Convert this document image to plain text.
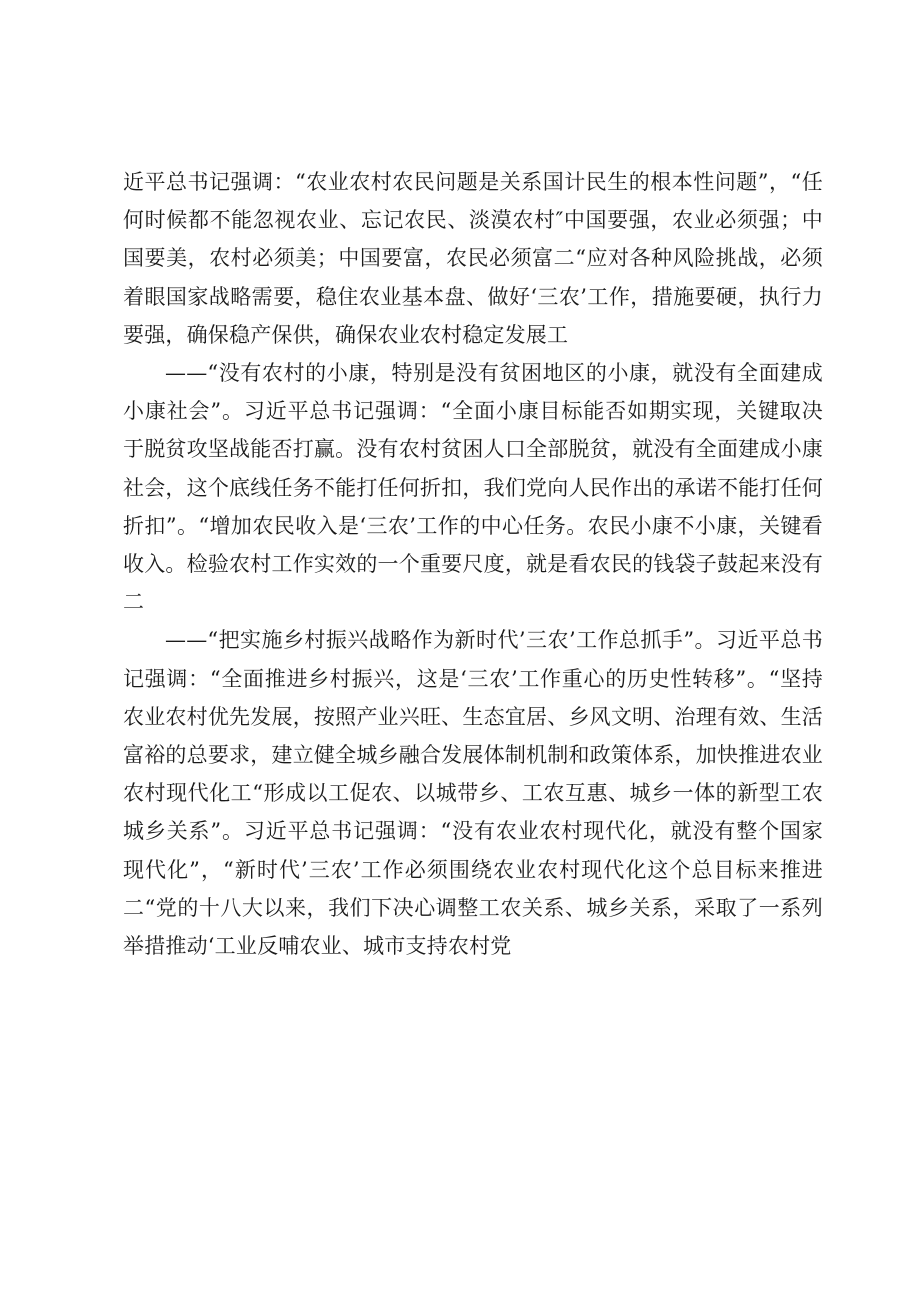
近平总书记强调：“农业农村农民问题是关系国计民生的根本性问题”，“任何时候都不能忽视农业、忘记农民、淡漠农村″中国要强，农业必须强；中国要美，农村必须美；中国要富，农民必须富二“应对各种风险挑战，必须着眼国家战略需要，稳住农业基本盘、做好‘三农’工作，措施要硬，执行力要强，确保稳产保供，确保农业农村稳定发展工

——“没有农村的小康，特别是没有贫困地区的小康，就没有全面建成小康社会”。习近平总书记强调：“全面小康目标能否如期实现，关键取决于脱贫攻坚战能否打赢。没有农村贫困人口全部脱贫，就没有全面建成小康社会，这个底线任务不能打任何折扣，我们党向人民作出的承诺不能打任何折扣”。“增加农民收入是‘三农’工作的中心任务。农民小康不小康，关键看收入。检验农村工作实效的一个重要尺度，就是看农民的钱袋子鼓起来没有二

——“把实施乡村振兴战略作为新时代’三农’工作总抓手”。习近平总书记强调：“全面推进乡村振兴，这是‘三农’工作重心的历史性转移”。“坚持农业农村优先发展，按照产业兴旺、生态宜居、乡风文明、治理有效、生活富裕的总要求，建立健全城乡融合发展体制机制和政策体系，加快推进农业农村现代化工“形成以工促农、以城带乡、工农互惠、城乡一体的新型工农城乡关系”。习近平总书记强调：“没有农业农村现代化，就没有整个国家现代化”，“新时代’三农’工作必须围绕农业农村现代化这个总目标来推进二“党的十八大以来，我们下决心调整工农关系、城乡关系，采取了一系列举措推动‘工业反哺农业、城市支持农村党
